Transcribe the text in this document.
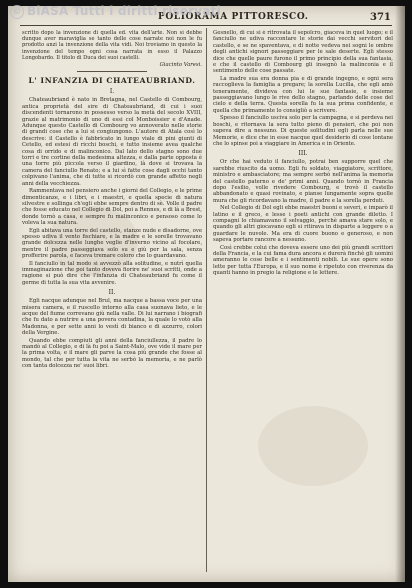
POLIORAMA PITTORESCO.	371

scritto dopo la invenzione di quella ed. vita dell'arte. Non si debbe dunque aver maraviglia se tanto delle cose narrate noi non le fu prodotto anzi la invenzione della vita vidi. Noi troviamo in questo la invenzione del tempo ogni cosa narrata in esso il Palazzo Longobardo. Il titolo di Duca dei suoi castelli.

Giacinto Varesi.

L' INFANZIA DI CHATEAUBRIAND.
I.

Chateaubriand è nato in Bretagna, nel Castello di Combourg, antica proprietà del sire di Chateaubriand, di cui i suoi discendenti tornarono in possesso verso la metà del secolo XVIII, grazie al matrimonio di uno di essi col Monboissier e d'Anade. Adunque questo Castello di Combourg vo annoverato nelle storie di grandi cose che a lui si congiungono. L'autore di Atala così lo descrive: il Castello è fabbricato in lungo viale di pini giunti di Cetello, ed estesi di ricchi boschi, e tutto insieme avea qualche cosa di orrido e di malinconico. Dal lato dello stagno sono due torri e tre cortine della medesima altezza, e dalla parte opposta è una torre più piccola verso il giardino, là dove si trovava la camera del fanciullo Renato; e a lui sì fatte cose dagli occhi tanto colpivano l'anima, che di tutte si ricordò con grande affetto negli anni della vecchiezza.

Rammentava nel pensiero anche i giorni del Collegio, e le prime dimenticanze, e i libri, e i maestri, e quella specie di natura silvestre e sollinga ch'egli ebbe sempre dentro di sè. Volle il padre che fosse educato nel Collegio di Dol, poi a Rennes, e di là a Brest, donde tornò a casa, e sempre fu malinconico e pensoso come lo voleva la sua natura.

Egli abitava una torre del castello, stanze nude e disadorne, ove spesso udiva il vento fischiare, e la madre e le sorelle trovavano grande dolcezza nelle lunghe veglie d'inverno vicino al focolare, mentre il padre passeggiava solo su e giù per la sala, senza profferire parola, e faceva tremare coloro che lo guardavano.

Il fanciullo in tal modo si avvezzò alla solitudine, e nutrì quella immaginazione che poi tanto doveva fiorire ne' suoi scritti, onde a ragione si può dire che l'infanzia di Chateaubriand fu come il germe di tutta la sua vita avvenire.

II.

Egli nacque adunque nel Brul, ma nacque a bassa voce per una misera camera, e il ruscello intorno alla casa suonava lieto, e le acque del fiume correvano giù nella valle. Di lui narrano i biografi che fu dato a nutrire a una povera contadina, la quale lo votò alla Madonna, e per sette anni lo vestì di bianco e di azzurro, colori della Vergine.

Quando ebbe compiuti gli anni della fanciullezza, il padre lo mandò al Collegio, e di là fu poi a Saint-Malo, ove vide il mare per la prima volta, e il mare gli parve la cosa più grande che fosse al mondo, tal che per tutta la vita ne serbò la memoria, e ne parlò con tanta dolcezza ne' suoi libri.

Gesnello, di cui si è ritrovata il sepolcro, giaceva in quel luogo; e il fanciullo ne udiva raccontare le storie dai vecchi servitori del castello, e se ne spaventava, e di notte vedeva nei sogni le ombre degli antichi signori passeggiare per le sale deserte. Egli stesso dice che quelle paure furono il primo principio della sua fantasia, e che il castello di Combourg gli insegnò la malinconia e il sentimento delle cose passate.

La madre sua era donna pia e di grande ingegno, e ogni sera raccoglieva la famiglia a pregare; la sorella Lucilla, che egli amò teneramente, divideva con lui le sue fantasie, e insieme passeggiavano lungo le rive dello stagno, parlando delle cose del cielo e della terra. Questa sorella fu la sua prima confidente, e quella che primamente lo consigliò a scrivere.

Spesso il fanciullo usciva solo per la campagna, e si perdeva nei boschi, e ritornava la sera tutto pieno di pensieri, che poi non sapeva dire a nessuno. Di queste solitudini egli parla nelle sue Memorie, e dice che in esse nacque quel desiderio di cose lontane che lo spinse poi a viaggiare in America e in Oriente.

III.

Or che hai veduto il fanciullo, potrai ben supporre quel che sarebbe riuscito da uomo. Egli fu soldato, viaggiatore, scrittore, ministro e ambasciatore; ma sempre serbò nell'anima la memoria del castello paterno e de' primi anni. Quando tornò in Francia dopo l'esilio, volle rivedere Combourg, e trovò il castello abbandonato e quasi rovinato, e pianse lungamente sopra quelle mura che gli ricordavano la madre, il padre e la sorella perduti.

Nel Collegio di Dol egli ebbe maestri buoni e severi, e imparò il latino e il greco, e lesse i poeti antichi con grande diletto. I compagni lo chiamavano il selvaggio, perchè amava stare solo, e quando gli altri giocavano egli si ritirava in disparte a leggere o a guardare le nuvole. Ma era di cuore buono e generoso, e non sapeva portare rancore a nessuno.

Così crebbe colui che doveva essere uno dei più grandi scrittori della Francia, e la cui fama dura ancora e durerà finchè gli uomini ameranno le cose belle e i sentimenti nobili. Le sue opere sono lette per tutta l'Europa, e il suo nome è ripetuto con riverenza da quanti hanno in pregio la religione e le lettere.

© BiASA Tutti i diritti riservati
